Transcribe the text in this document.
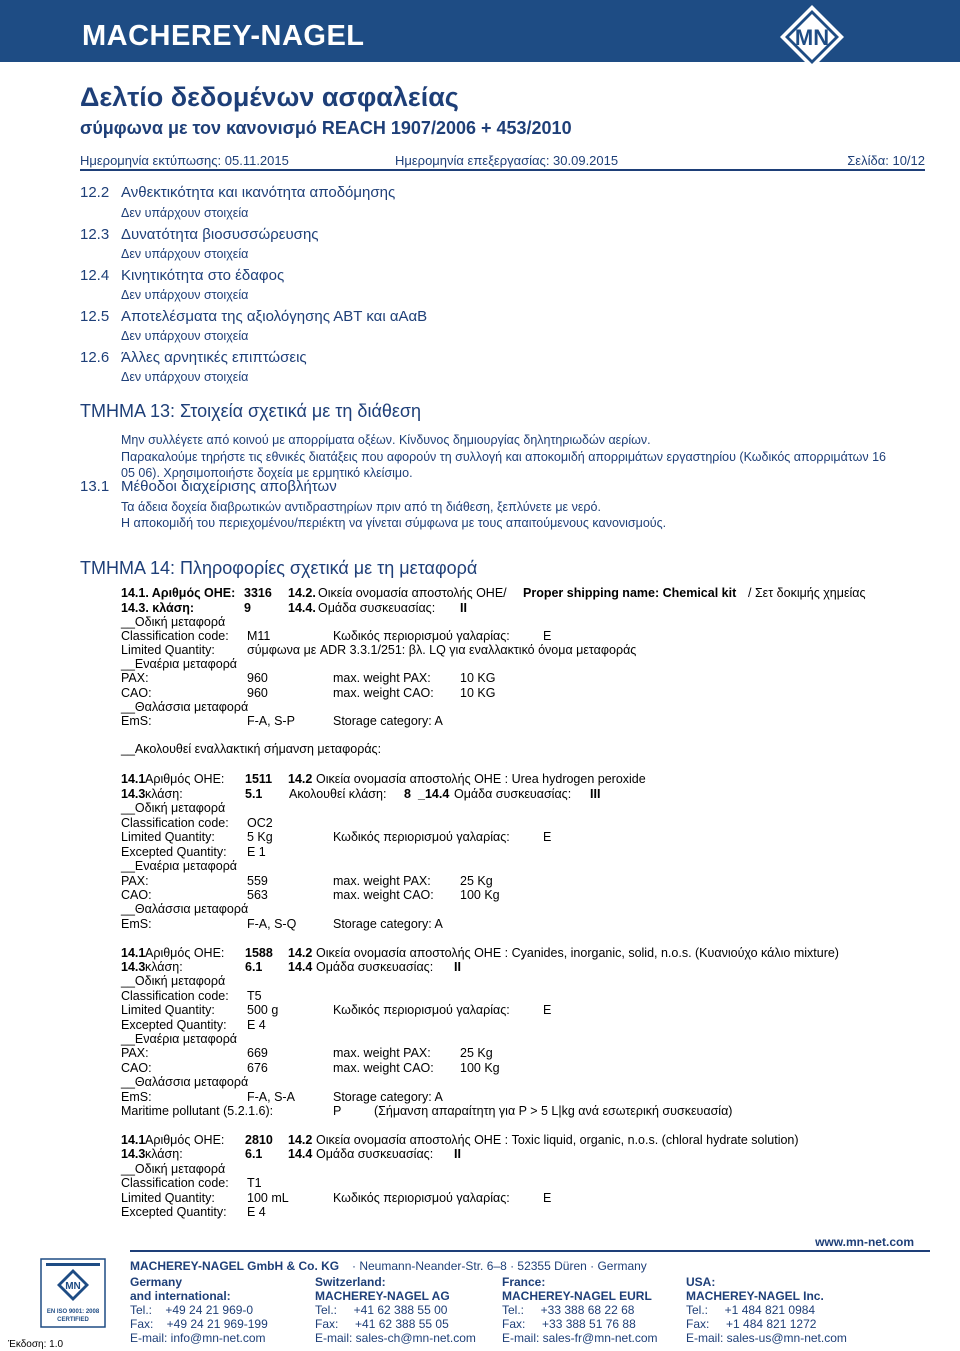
MACHEREY-NAGEL	MN
Δελτίο δεδομένων ασφαλείας
σύμφωνα με τον κανονισμό REACH 1907/2006 + 453/2010
Ημερομηνία εκτύπωσης: 05.11.2015	Ημερομηνία επεξεργασίας: 30.09.2015	Σελίδα: 10/12
12.2 Ανθεκτικότητα και ικανότητα αποδόμησης
Δεν υπάρχουν στοιχεία
12.3 Δυνατότητα βιοσυσσώρευσης
Δεν υπάρχουν στοιχεία
12.4 Κινητικότητα στο έδαφος
Δεν υπάρχουν στοιχεία
12.5 Αποτελέσματα της αξιολόγησης ΑΒΤ και αΑαΒ
Δεν υπάρχουν στοιχεία
12.6 Άλλες αρνητικές επιπτώσεις
Δεν υπάρχουν στοιχεία
ΤΜΗΜΑ 13: Στοιχεία σχετικά με τη διάθεση
Μην συλλέγετε από κοινού με απορρίματα οξέων. Κίνδυνος δημιουργίας δηλητηριωδών αερίων.
Παρακαλούμε τηρήστε τις εθνικές διατάξεις που αφορούν τη συλλογή και αποκομιδή απορριμάτων εργαστηρίου (Κωδικός απορριμάτων 16
05 06). Χρησιμοποιήστε δοχεία με ερμητικό κλείσιμο.
13.1 Μέθοδοι διαχείρισης αποβλήτων
Τα άδεια δοχεία διαβρωτικών αντιδραστηρίων πριν από τη διάθεση, ξεπλύνετε με νερό.
Η αποκομιδή του περιεχομένου/περιέκτη να γίνεται σύμφωνα με τους απαιτούμενους κανονισμούς.
ΤΜΗΜΑ 14: Πληροφορίες σχετικά με τη μεταφορά
14.1. Αριθμός ΟΗΕ: 3316 14.2. Οικεία ονομασία αποστολής ΟΗΕ/ Proper shipping name: Chemical kit / Σετ δοκιμής χημείας
14.3. κλάση:	9	14.4. Ομάδα συσκευασίας: II
__Οδική μεταφορά
Classification code: M11	Κωδικός περιορισμού γαλαρίας:	E
Limited Quantity:	σύμφωνα με ADR 3.3.1/251: βλ. LQ για εναλλακτικό όνομα μεταφοράς
__Εναέρια μεταφορά
PAX:	960	max. weight PAX: 10 KG
CAO:	960	max. weight CAO: 10 KG
__Θαλάσσια μεταφορά
EmS:	F-A, S-P	Storage category: A
__Ακολουθεί εναλλακτική σήμανση μεταφοράς:
14.1 Αριθμός ΟΗΕ: 1511 14.2 Οικεία ονομασία αποστολής ΟΗΕ : Urea hydrogen peroxide
14.3 κλάση:	5.1 Ακολουθεί κλάση: 8 _14.4 Ομάδα συσκευασίας: III
__Οδική μεταφορά
Classification code: OC2
Limited Quantity:	5 Kg	Κωδικός περιορισμού γαλαρίας:	E
Excepted Quantity: E 1
__Εναέρια μεταφορά
PAX:	559	max. weight PAX: 25 Kg
CAO:	563	max. weight CAO: 100 Kg
__Θαλάσσια μεταφορά
EmS:	F-A, S-Q	Storage category: A
14.1 Αριθμός ΟΗΕ: 1588 14.2 Οικεία ονομασία αποστολής ΟΗΕ : Cyanides, inorganic, solid, n.o.s. (Κυανιούχο κάλιο mixture)
14.3 κλάση:	6.1 14.4 Ομάδα συσκευασίας: II
__Οδική μεταφορά
Classification code: T5
Limited Quantity:	500 g	Κωδικός περιορισμού γαλαρίας:	E
Excepted Quantity: E 4
__Εναέρια μεταφορά
PAX:	669	max. weight PAX: 25 Kg
CAO:	676	max. weight CAO: 100 Kg
__Θαλάσσια μεταφορά
EmS:	F-A, S-A	Storage category: A
Maritime pollutant (5.2.1.6):	P	(Σήμανση απαραίτητη για P > 5 L|kg ανά εσωτερική συσκευασία)
14.1 Αριθμός ΟΗΕ: 2810 14.2 Οικεία ονομασία αποστολής ΟΗΕ : Toxic liquid, organic, n.o.s. (chloral hydrate solution)
14.3 κλάση:	6.1 14.4 Ομάδα συσκευασίας: II
__Οδική μεταφορά
Classification code: T1
Limited Quantity:	100 mL	Κωδικός περιορισμού γαλαρίας:	E
Excepted Quantity: E 4
MACHEREY-NAGEL GmbH & Co. KG · Neumann-Neander-Str. 6–8 · 52355 Düren · Germany
www.mn-net.com
Germany
and international:
Tel.:    +49 24 21 969-0
Fax:    +49 24 21 969-199
E-mail: info@mn-net.com
Switzerland:
MACHEREY-NAGEL AG
Tel.:     +41 62 388 55 00
Fax:     +41 62 388 55 05
E-mail: sales-ch@mn-net.com
France:
MACHEREY-NAGEL EURL
Tel.:     +33 388 68 22 68
Fax:     +33 388 51 76 88
E-mail: sales-fr@mn-net.com
USA:
MACHEREY-NAGEL Inc.
Tel.:     +1 484 821 0984
Fax:     +1 484 821 1272
E-mail: sales-us@mn-net.com
MN
EN ISO 9001: 2008
CERTIFIED
Έκδοση: 1.0
